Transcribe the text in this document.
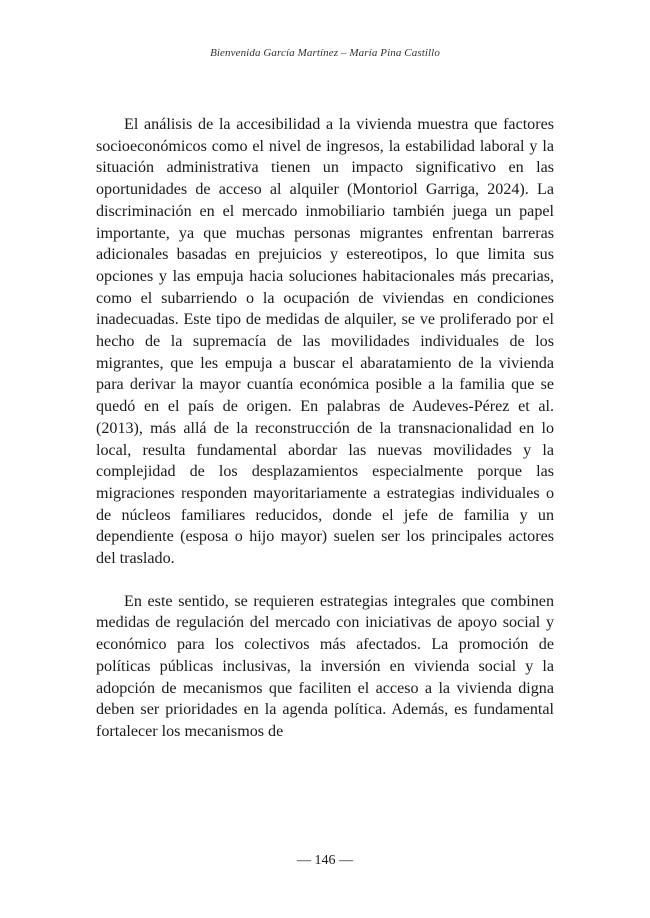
Bienvenida García Martínez – María Pina Castillo

El análisis de la accesibilidad a la vivienda muestra que factores socioeconómicos como el nivel de ingresos, la estabilidad laboral y la situación administrativa tienen un impacto significativo en las oportunidades de acceso al alquiler (Montoriol Garriga, 2024). La discriminación en el mercado inmobiliario también juega un papel importante, ya que muchas personas migrantes enfrentan barreras adicionales basadas en prejuicios y estereotipos, lo que limita sus opciones y las empuja hacia soluciones habitacionales más precarias, como el subarriendo o la ocupación de viviendas en condiciones inadecuadas. Este tipo de medidas de alquiler, se ve proliferado por el hecho de la supremacía de las movilidades individuales de los migrantes, que les empuja a buscar el abaratamiento de la vivienda para derivar la mayor cuantía económica posible a la familia que se quedó en el país de origen. En palabras de Audeves-Pérez et al. (2013), más allá de la reconstrucción de la transnacionalidad en lo local, resulta fundamental abordar las nuevas movilidades y la complejidad de los desplazamientos especialmente porque las migraciones responden mayoritariamente a estrategias individuales o de núcleos familiares reducidos, donde el jefe de familia y un dependiente (esposa o hijo mayor) suelen ser los principales actores del traslado.

En este sentido, se requieren estrategias integrales que combinen medidas de regulación del mercado con iniciativas de apoyo social y económico para los colectivos más afectados. La promoción de políticas públicas inclusivas, la inversión en vivienda social y la adopción de mecanismos que faciliten el acceso a la vivienda digna deben ser prioridades en la agenda política. Además, es fundamental fortalecer los mecanismos de

— 146 —
